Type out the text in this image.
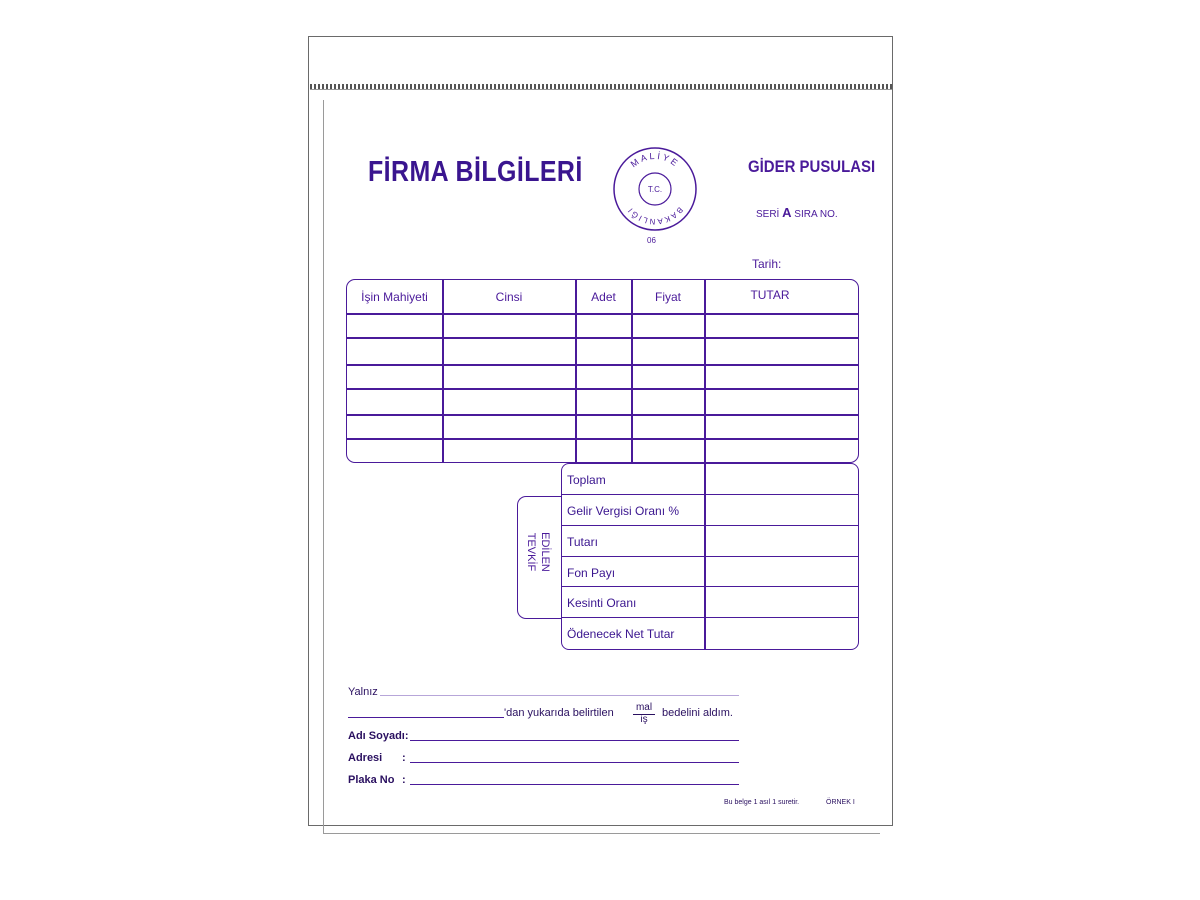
FİRMA BİLGİLERİ	MALİYE
BAKANLIĞI
T.C.
06
GİDER PUSULASI
SERİ A SIRA NO.
Tarih:
İşin Mahiyeti	Cinsi	Adet	Fiyat	TUTAR
TEVKİF EDİLEN
Toplam
Gelir Vergisi Oranı %
Tutarı
Fon Payı
Kesinti Oranı
Ödenecek Net Tutar
Yalnız
'dan yukarıda belirtilen mal
iş
bedelini aldım.
Adı Soyadı:
Adresi :
Plaka No :
Bu belge 1 asıl 1 suretir.	ÖRNEK I
